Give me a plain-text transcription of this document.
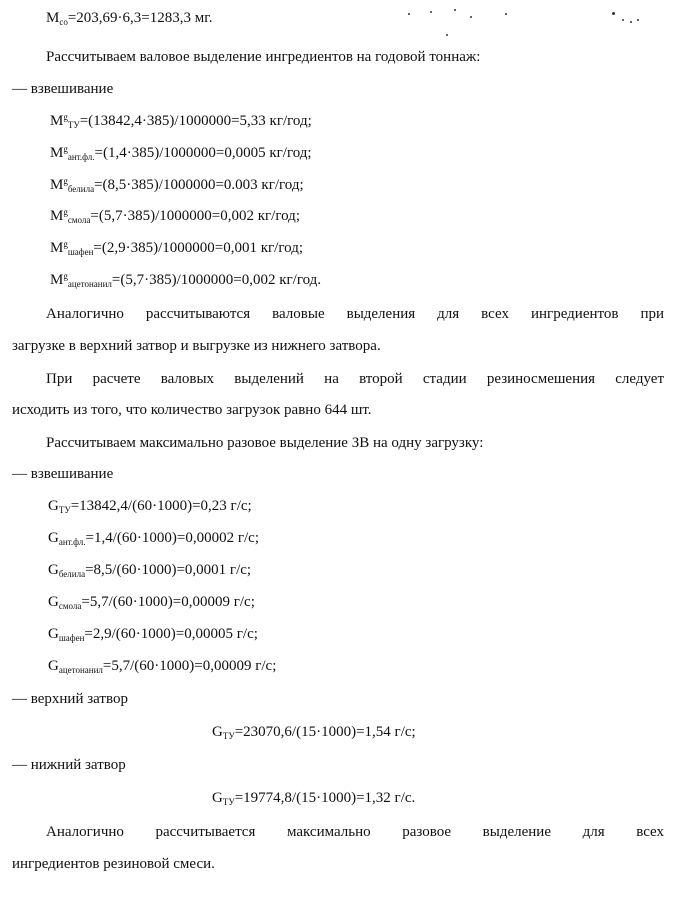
$M_{со}=203,69\cdot 6,3=1283,3$ мг.
Рассчитываем валовое выделение ингредиентов на годовой тоннаж:
–– взвешивание
$M^g_{ТУ}=(13842,4\cdot 385)/1000000=5,33$ кг/год;
$M^g_{ант.фл.}=(1,4\cdot 385)/1000000=0,0005$ кг/год;
$M^g_{белила}=(8,5\cdot 385)/1000000=0.003$ кг/год;
$M^g_{смола}=(5,7\cdot 385)/1000000=0,002$ кг/год;
$M^g_{шафен}=(2,9\cdot 385)/1000000=0,001$ кг/год;
$M^g_{ацетонанил}=(5,7\cdot 385)/1000000=0,002$ кг/год.
Аналогично рассчитываются валовые выделения для всех ингредиентов при
загрузке в верхний затвор и выгрузке из нижнего затвора.
При расчете валовых выделений на второй стадии резиносмешения следует
исходить из того, что количество загрузок равно 644 шт.
Рассчитываем максимально разовое выделение ЗВ на одну загрузку:
–– взвешивание
$G_{ТУ}=13842,4/(60\cdot 1000)=0,23$ г/с;
$G_{ант.фл.}=1,4/(60\cdot 1000)=0,00002$ г/с;
$G_{белила}=8,5/(60\cdot 1000)=0,0001$ г/с;
$G_{смола}=5,7/(60\cdot 1000)=0,00009$ г/с;
$G_{шафен}=2,9/(60\cdot 1000)=0,00005$ г/с;
$G_{ацетонанил}=5,7/(60\cdot 1000)=0,00009$ г/с;
–– верхний затвор
$G_{ТУ}=23070,6/(15\cdot 1000)=1,54$ г/с;
–– нижний затвор
$G_{ТУ}=19774,8/(15\cdot 1000)=1,32$ г/с.
Аналогично рассчитывается максимально разовое выделение для всех
ингредиентов резиновой смеси.
